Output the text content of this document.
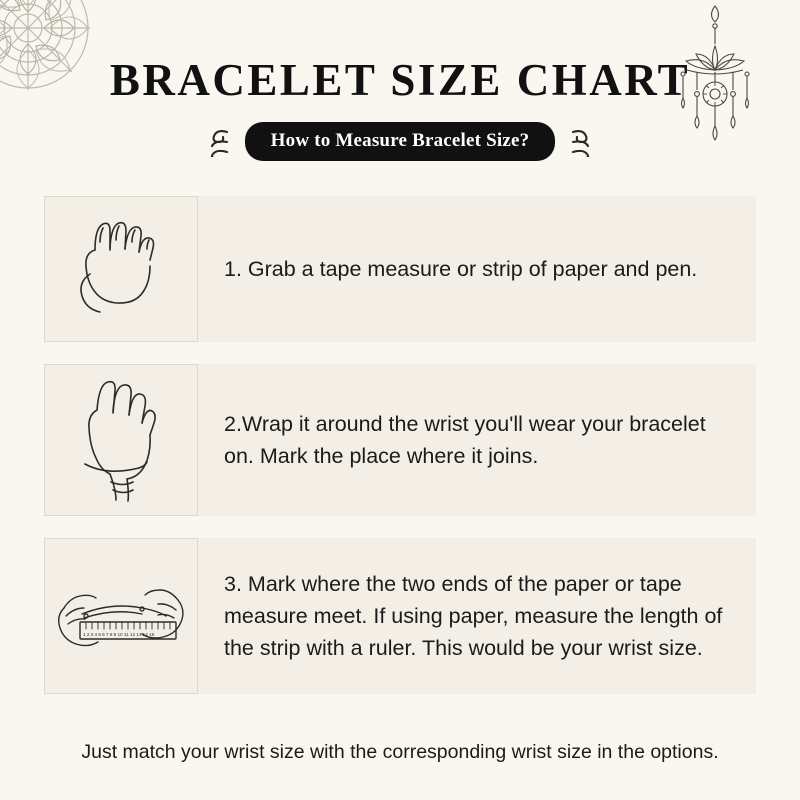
BRACELET SIZE CHART
How to Measure Bracelet Size?
1. Grab a tape measure or strip of paper and pen.
2.Wrap it around the wrist you'll wear your bracelet on. Mark the place where it joins.
1 2 3 4 5 6 7 8 9 10 11 12 13 14 15
3. Mark where the two ends of the paper or tape measure meet. If using paper, measure the length of the strip with a ruler. This would be your wrist size.
Just match your wrist size with the corresponding wrist size in the options.
